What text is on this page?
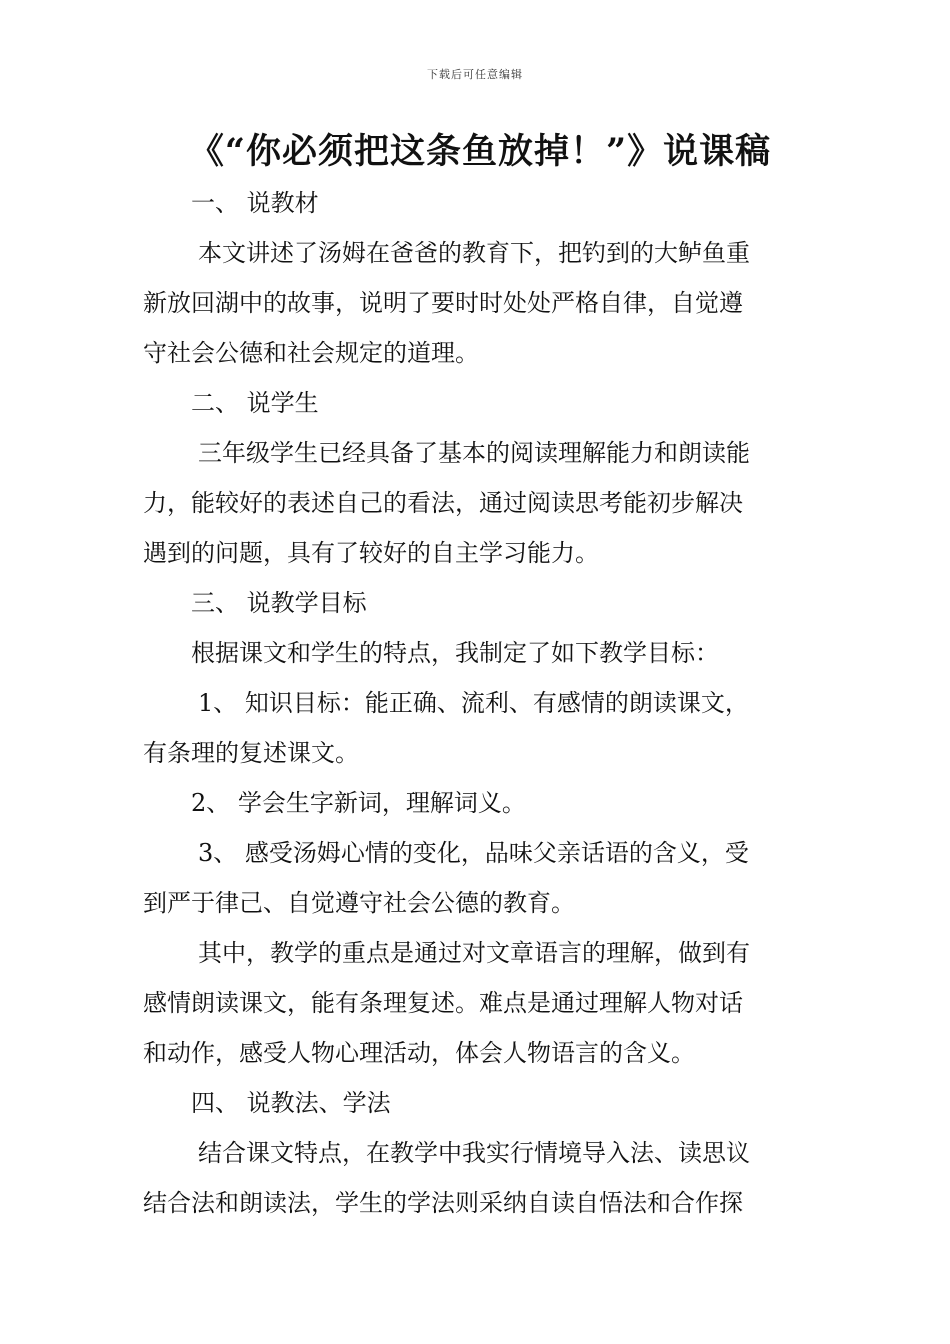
下载后可任意编辑
《“你必须把这条鱼放掉！”》说课稿

一、 说教材

本文讲述了汤姆在爸爸的教育下，把钓到的大鲈鱼重

新放回湖中的故事，说明了要时时处处严格自律，自觉遵

守社会公德和社会规定的道理。

二、 说学生

三年级学生已经具备了基本的阅读理解能力和朗读能

力，能较好的表述自己的看法，通过阅读思考能初步解决

遇到的问题，具有了较好的自主学习能力。

三、 说教学目标

根据课文和学生的特点，我制定了如下教学目标：

1、 知识目标：能正确、流利、有感情的朗读课文，

有条理的复述课文。

2、 学会生字新词，理解词义。

3、 感受汤姆心情的变化，品味父亲话语的含义，受

到严于律己、自觉遵守社会公德的教育。

其中，教学的重点是通过对文章语言的理解，做到有

感情朗读课文，能有条理复述。难点是通过理解人物对话

和动作，感受人物心理活动，体会人物语言的含义。

四、 说教法、学法

结合课文特点，在教学中我实行情境导入法、读思议

结合法和朗读法，学生的学法则采纳自读自悟法和合作探
